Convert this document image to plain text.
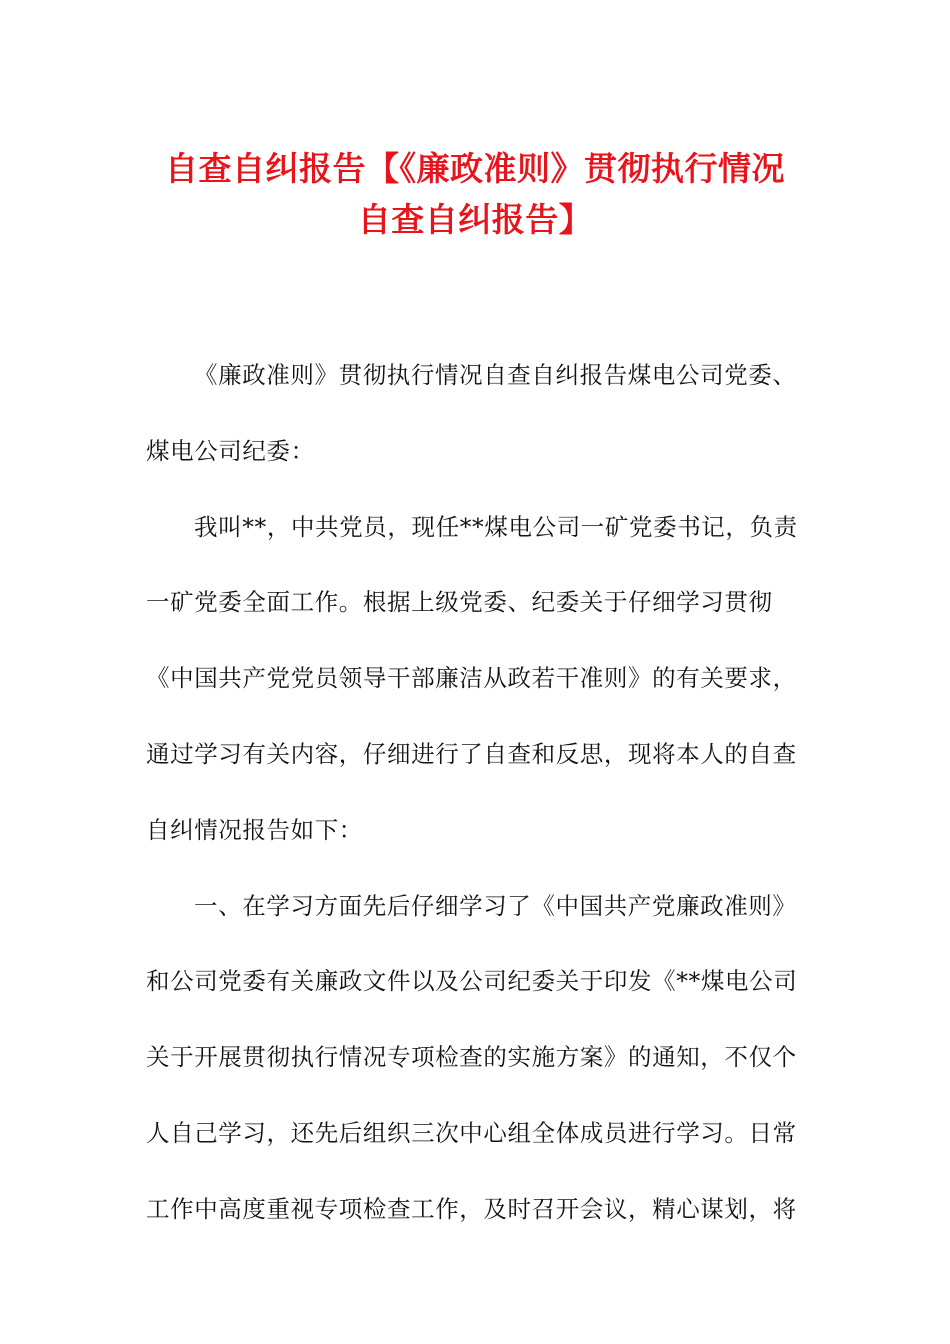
自查自纠报告【《廉政准则》贯彻执行情况
自查自纠报告】
《廉政准则》贯彻执行情况自查自纠报告煤电公司党委、
煤电公司纪委：
我叫**，中共党员，现任**煤电公司一矿党委书记，负责
一矿党委全面工作。根据上级党委、纪委关于仔细学习贯彻
《中国共产党党员领导干部廉洁从政若干准则》的有关要求，
通过学习有关内容，仔细进行了自查和反思，现将本人的自查
自纠情况报告如下：
一、在学习方面先后仔细学习了《中国共产党廉政准则》
和公司党委有关廉政文件以及公司纪委关于印发《**煤电公司
关于开展贯彻执行情况专项检查的实施方案》的通知，不仅个
人自己学习，还先后组织三次中心组全体成员进行学习。日常
工作中高度重视专项检查工作，及时召开会议，精心谋划，将
